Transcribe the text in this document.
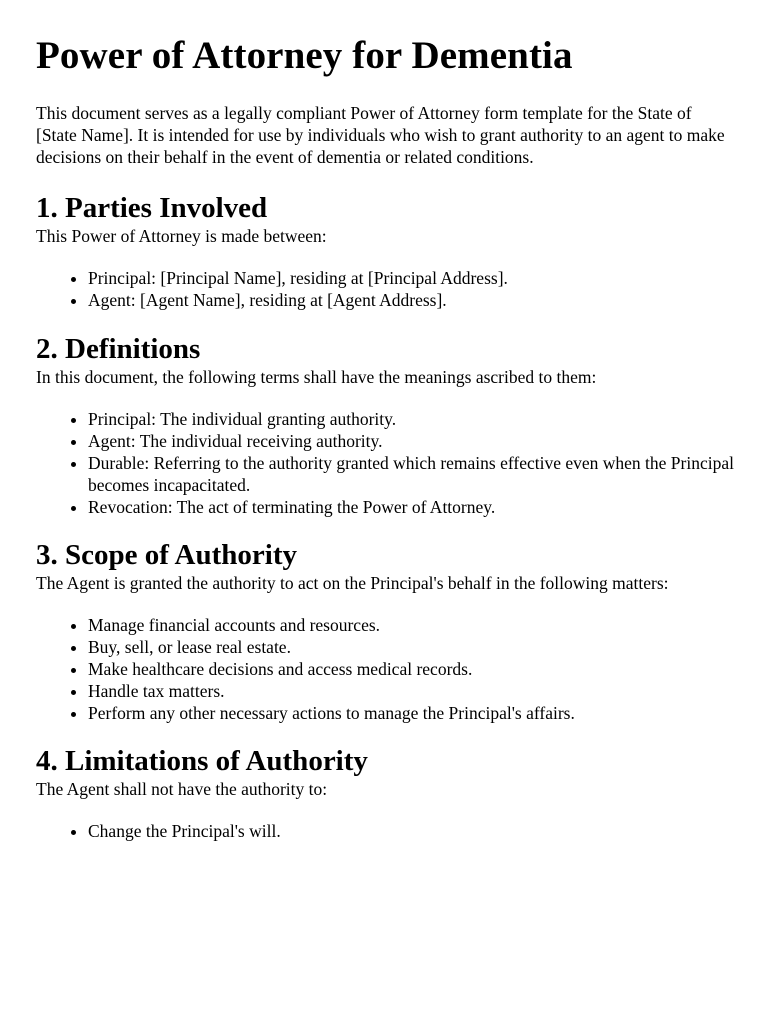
Power of Attorney for Dementia

This document serves as a legally compliant Power of Attorney form template for the State of [State Name]. It is intended for use by individuals who wish to grant authority to an agent to make decisions on their behalf in the event of dementia or related conditions.

1. Parties Involved

This Power of Attorney is made between:

• Principal: [Principal Name], residing at [Principal Address].
• Agent: [Agent Name], residing at [Agent Address].
2. Definitions

In this document, the following terms shall have the meanings ascribed to them:

• Principal: The individual granting authority.
• Agent: The individual receiving authority.
• Durable: Referring to the authority granted which remains effective even when the Principal becomes incapacitated.
• Revocation: The act of terminating the Power of Attorney.
3. Scope of Authority

The Agent is granted the authority to act on the Principal's behalf in the following matters:

• Manage financial accounts and resources.
• Buy, sell, or lease real estate.
• Make healthcare decisions and access medical records.
• Handle tax matters.
• Perform any other necessary actions to manage the Principal's affairs.
4. Limitations of Authority

The Agent shall not have the authority to:

• Change the Principal's will.
